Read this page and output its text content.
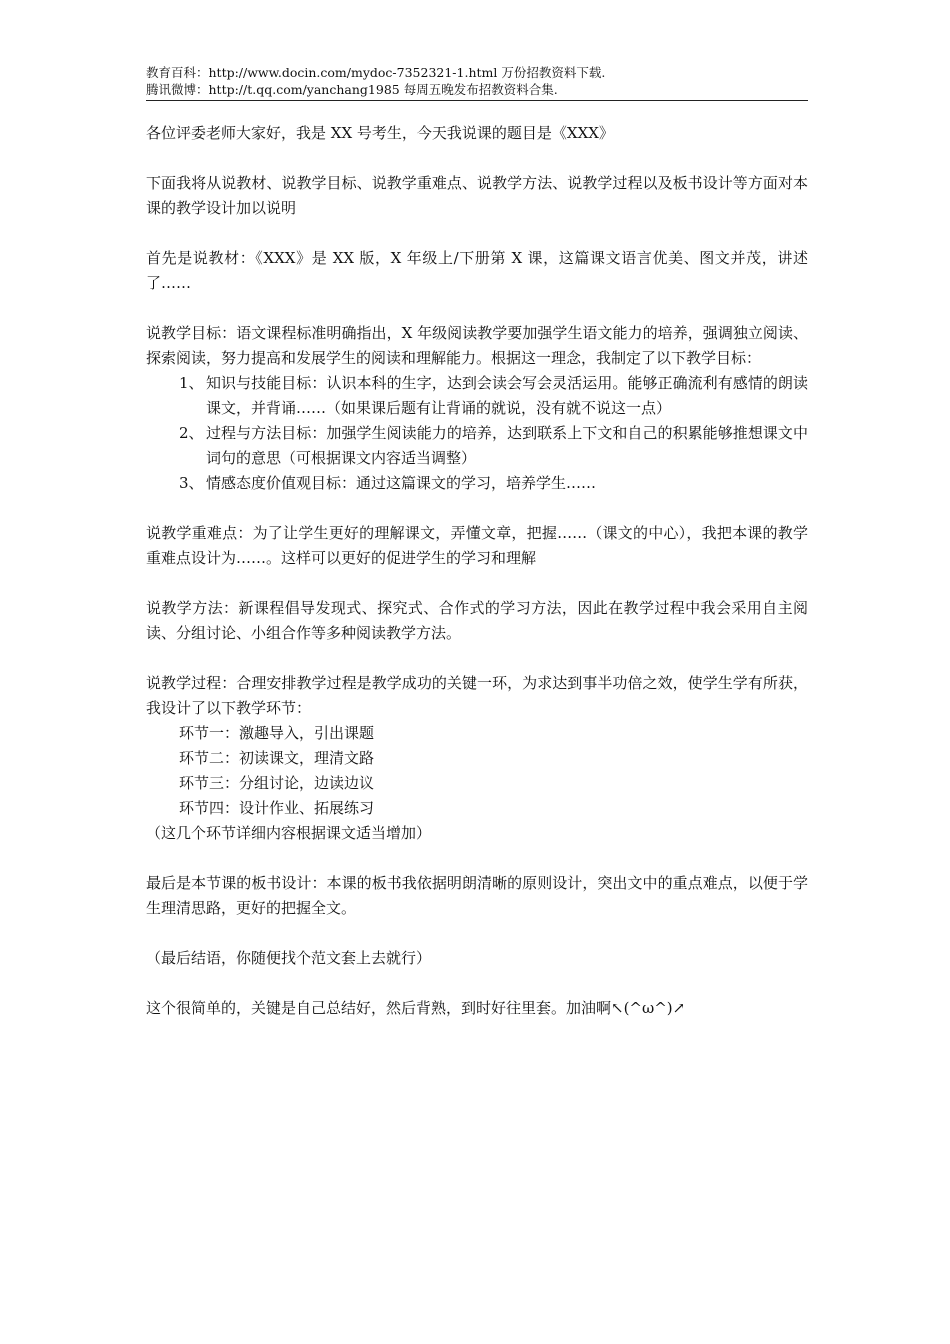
教育百科：http://www.docin.com/mydoc-7352321-1.html 万份招教资料下载.
腾讯微博：http://t.qq.com/yanchang1985 每周五晚发布招教资料合集.

各位评委老师大家好，我是 XX 号考生，今天我说课的题目是《XXX》

下面我将从说教材、说教学目标、说教学重难点、说教学方法、说教学过程以及板书设计等方面对本课的教学设计加以说明

首先是说教材：《XXX》是 XX 版，X 年级上/下册第 X 课，这篇课文语言优美、图文并茂，讲述了……

说教学目标：语文课程标准明确指出，X 年级阅读教学要加强学生语文能力的培养，强调独立阅读、探索阅读，努力提高和发展学生的阅读和理解能力。根据这一理念，我制定了以下教学目标：

1、 知识与技能目标：认识本科的生字，达到会读会写会灵活运用。能够正确流利有感情的朗读课文，并背诵……（如果课后题有让背诵的就说，没有就不说这一点）
2、 过程与方法目标：加强学生阅读能力的培养，达到联系上下文和自己的积累能够推想课文中词句的意思（可根据课文内容适当调整）
3、 情感态度价值观目标：通过这篇课文的学习，培养学生……

说教学重难点：为了让学生更好的理解课文，弄懂文章，把握……（课文的中心），我把本课的教学重难点设计为……。这样可以更好的促进学生的学习和理解

说教学方法：新课程倡导发现式、探究式、合作式的学习方法，因此在教学过程中我会采用自主阅读、分组讨论、小组合作等多种阅读教学方法。

说教学过程：合理安排教学过程是教学成功的关键一环，为求达到事半功倍之效，使学生学有所获，我设计了以下教学环节：

环节一：激趣导入，引出课题
环节二：初读课文，理清文路
环节三：分组讨论，边读边议
环节四：设计作业、拓展练习

（这几个环节详细内容根据课文适当增加）

最后是本节课的板书设计：本课的板书我依据明朗清晰的原则设计，突出文中的重点难点，以便于学生理清思路，更好的把握全文。

（最后结语，你随便找个范文套上去就行）

这个很简单的，关键是自己总结好，然后背熟，到时好往里套。加油啊↖(^ω^)↗
